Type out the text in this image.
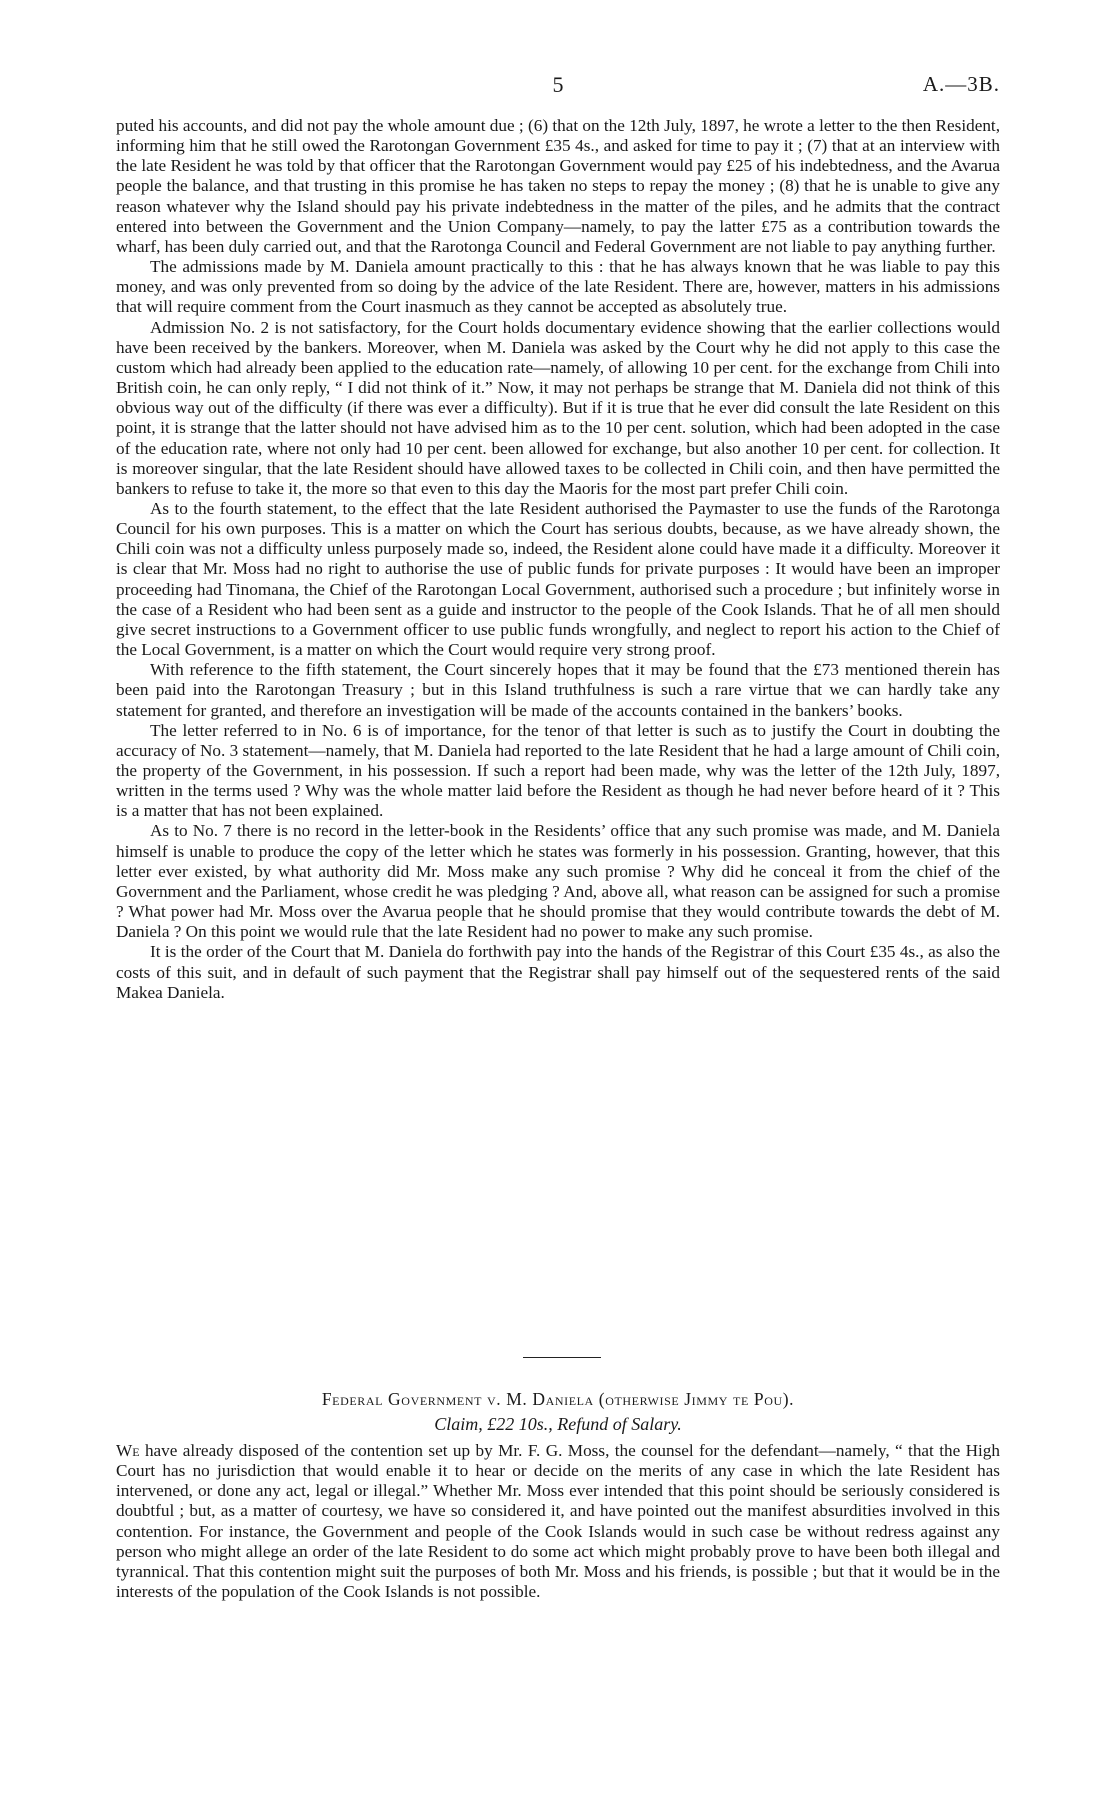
5	A.—3B.

puted his accounts, and did not pay the whole amount due ; (6) that on the 12th July, 1897, he wrote a letter to the then Resident, informing him that he still owed the Rarotongan Government £35 4s., and asked for time to pay it ; (7) that at an interview with the late Resident he was told by that officer that the Rarotongan Government would pay £25 of his indebtedness, and the Avarua people the balance, and that trusting in this promise he has taken no steps to repay the money ; (8) that he is unable to give any reason whatever why the Island should pay his private indebtedness in the matter of the piles, and he admits that the contract entered into between the Government and the Union Company—namely, to pay the latter £75 as a contribution towards the wharf, has been duly carried out, and that the Rarotonga Council and Federal Government are not liable to pay anything further.

The admissions made by M. Daniela amount practically to this : that he has always known that he was liable to pay this money, and was only prevented from so doing by the advice of the late Resident. There are, however, matters in his admissions that will require comment from the Court inasmuch as they cannot be accepted as absolutely true.

Admission No. 2 is not satisfactory, for the Court holds documentary evidence showing that the earlier collections would have been received by the bankers. Moreover, when M. Daniela was asked by the Court why he did not apply to this case the custom which had already been applied to the education rate—namely, of allowing 10 per cent. for the exchange from Chili into British coin, he can only reply, “ I did not think of it.” Now, it may not perhaps be strange that M. Daniela did not think of this obvious way out of the difficulty (if there was ever a difficulty). But if it is true that he ever did consult the late Resident on this point, it is strange that the latter should not have advised him as to the 10 per cent. solution, which had been adopted in the case of the education rate, where not only had 10 per cent. been allowed for exchange, but also another 10 per cent. for collection. It is moreover singular, that the late Resident should have allowed taxes to be collected in Chili coin, and then have permitted the bankers to refuse to take it, the more so that even to this day the Maoris for the most part prefer Chili coin.

As to the fourth statement, to the effect that the late Resident authorised the Paymaster to use the funds of the Rarotonga Council for his own purposes. This is a matter on which the Court has serious doubts, because, as we have already shown, the Chili coin was not a difficulty unless purposely made so, indeed, the Resident alone could have made it a difficulty. Moreover it is clear that Mr. Moss had no right to authorise the use of public funds for private purposes : It would have been an improper proceeding had Tinomana, the Chief of the Rarotongan Local Government, authorised such a procedure ; but infinitely worse in the case of a Resident who had been sent as a guide and instructor to the people of the Cook Islands. That he of all men should give secret instructions to a Government officer to use public funds wrongfully, and neglect to report his action to the Chief of the Local Government, is a matter on which the Court would require very strong proof.

With reference to the fifth statement, the Court sincerely hopes that it may be found that the £73 mentioned therein has been paid into the Rarotongan Treasury ; but in this Island truthfulness is such a rare virtue that we can hardly take any statement for granted, and therefore an investigation will be made of the accounts contained in the bankers’ books.

The letter referred to in No. 6 is of importance, for the tenor of that letter is such as to justify the Court in doubting the accuracy of No. 3 statement—namely, that M. Daniela had reported to the late Resident that he had a large amount of Chili coin, the property of the Government, in his possession. If such a report had been made, why was the letter of the 12th July, 1897, written in the terms used ? Why was the whole matter laid before the Resident as though he had never before heard of it ? This is a matter that has not been explained.

As to No. 7 there is no record in the letter-book in the Residents’ office that any such promise was made, and M. Daniela himself is unable to produce the copy of the letter which he states was formerly in his possession. Granting, however, that this letter ever existed, by what authority did Mr. Moss make any such promise ? Why did he conceal it from the chief of the Government and the Parliament, whose credit he was pledging ? And, above all, what reason can be assigned for such a promise ? What power had Mr. Moss over the Avarua people that he should promise that they would contribute towards the debt of M. Daniela ? On this point we would rule that the late Resident had no power to make any such promise.

It is the order of the Court that M. Daniela do forthwith pay into the hands of the Registrar of this Court £35 4s., as also the costs of this suit, and in default of such payment that the Registrar shall pay himself out of the sequestered rents of the said Makea Daniela.

Federal Government v. M. Daniela (otherwise Jimmy te Pou).
Claim, £22 10s., Refund of Salary.

We have already disposed of the contention set up by Mr. F. G. Moss, the counsel for the defendant—namely, “ that the High Court has no jurisdiction that would enable it to hear or decide on the merits of any case in which the late Resident has intervened, or done any act, legal or illegal.” Whether Mr. Moss ever intended that this point should be seriously considered is doubtful ; but, as a matter of courtesy, we have so considered it, and have pointed out the manifest absurdities involved in this contention. For instance, the Government and people of the Cook Islands would in such case be without redress against any person who might allege an order of the late Resident to do some act which might probably prove to have been both illegal and tyrannical. That this contention might suit the purposes of both Mr. Moss and his friends, is possible ; but that it would be in the interests of the population of the Cook Islands is not possible.
